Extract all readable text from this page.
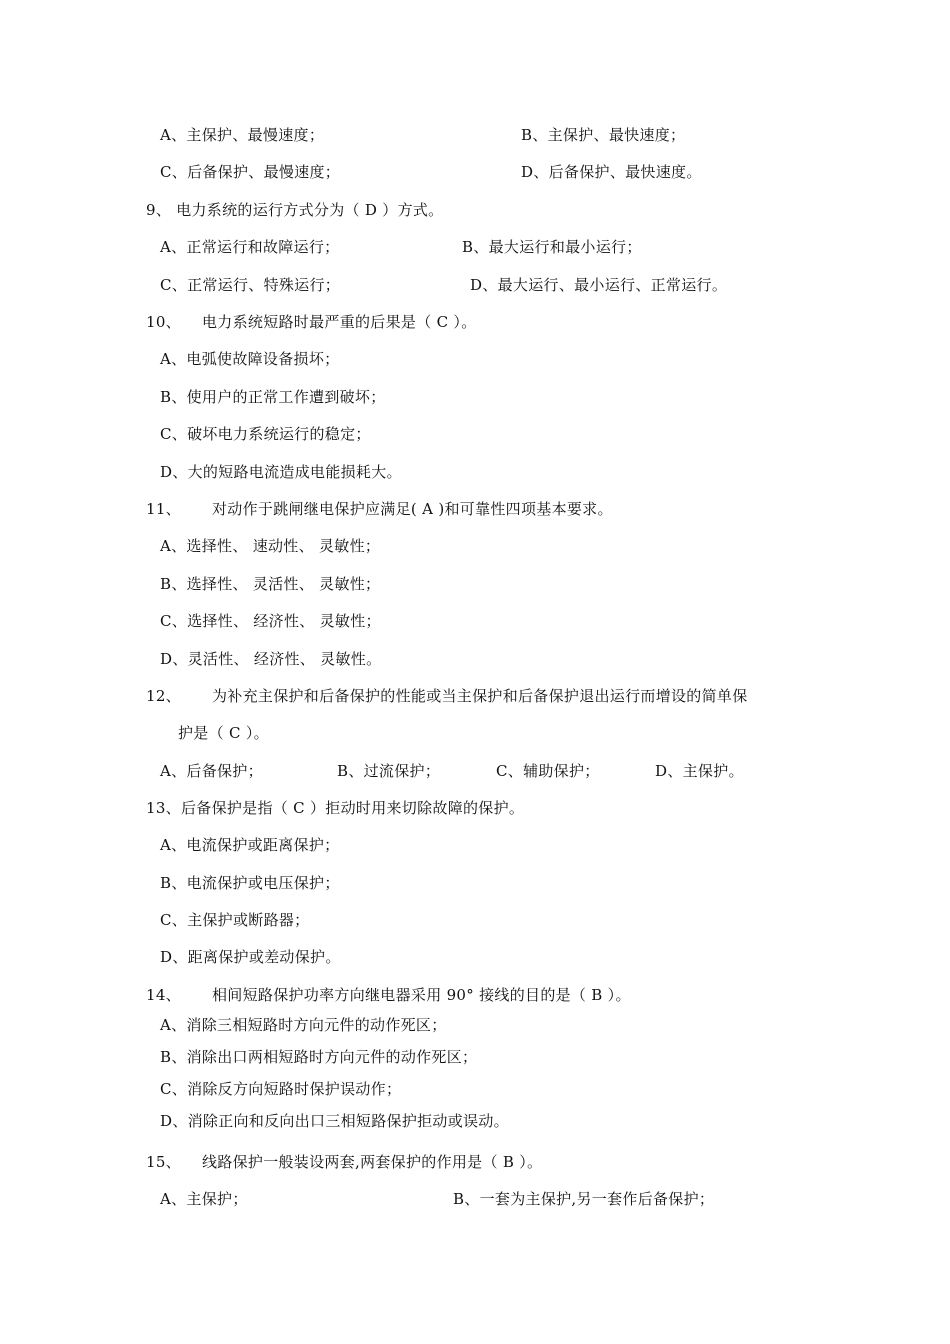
A、主保护、最慢速度；	B、主保护、最快速度；
C、后备保护、最慢速度；	D、后备保护、最快速度。
9、 电力系统的运行方式分为（ D ）方式。
A、正常运行和故障运行；	B、最大运行和最小运行；
C、正常运行、特殊运行；	D、最大运行、最小运行、正常运行。
10、 电力系统短路时最严重的后果是（ C ）。
A、电弧使故障设备损坏；
B、使用户的正常工作遭到破坏；
C、破坏电力系统运行的稳定；
D、大的短路电流造成电能损耗大。
11、 对动作于跳闸继电保护应满足( A )和可靠性四项基本要求。
A、选择性、 速动性、 灵敏性；
B、选择性、 灵活性、 灵敏性；
C、选择性、 经济性、 灵敏性；
D、灵活性、 经济性、 灵敏性。
12、 为补充主保护和后备保护的性能或当主保护和后备保护退出运行而增设的简单保
护是（ C ）。
A、后备保护；	B、过流保护；	C、辅助保护；	D、主保护。
13、后备保护是指（ C ）拒动时用来切除故障的保护。
A、电流保护或距离保护；
B、电流保护或电压保护；
C、主保护或断路器；
D、距离保护或差动保护。
14、 相间短路保护功率方向继电器采用 90° 接线的目的是（ B ）。
A、消除三相短路时方向元件的动作死区；
B、消除出口两相短路时方向元件的动作死区；
C、消除反方向短路时保护误动作；
D、消除正向和反向出口三相短路保护拒动或误动。
15、 线路保护一般装设两套,两套保护的作用是（ B ）。
A、主保护；	B、一套为主保护,另一套作后备保护；
